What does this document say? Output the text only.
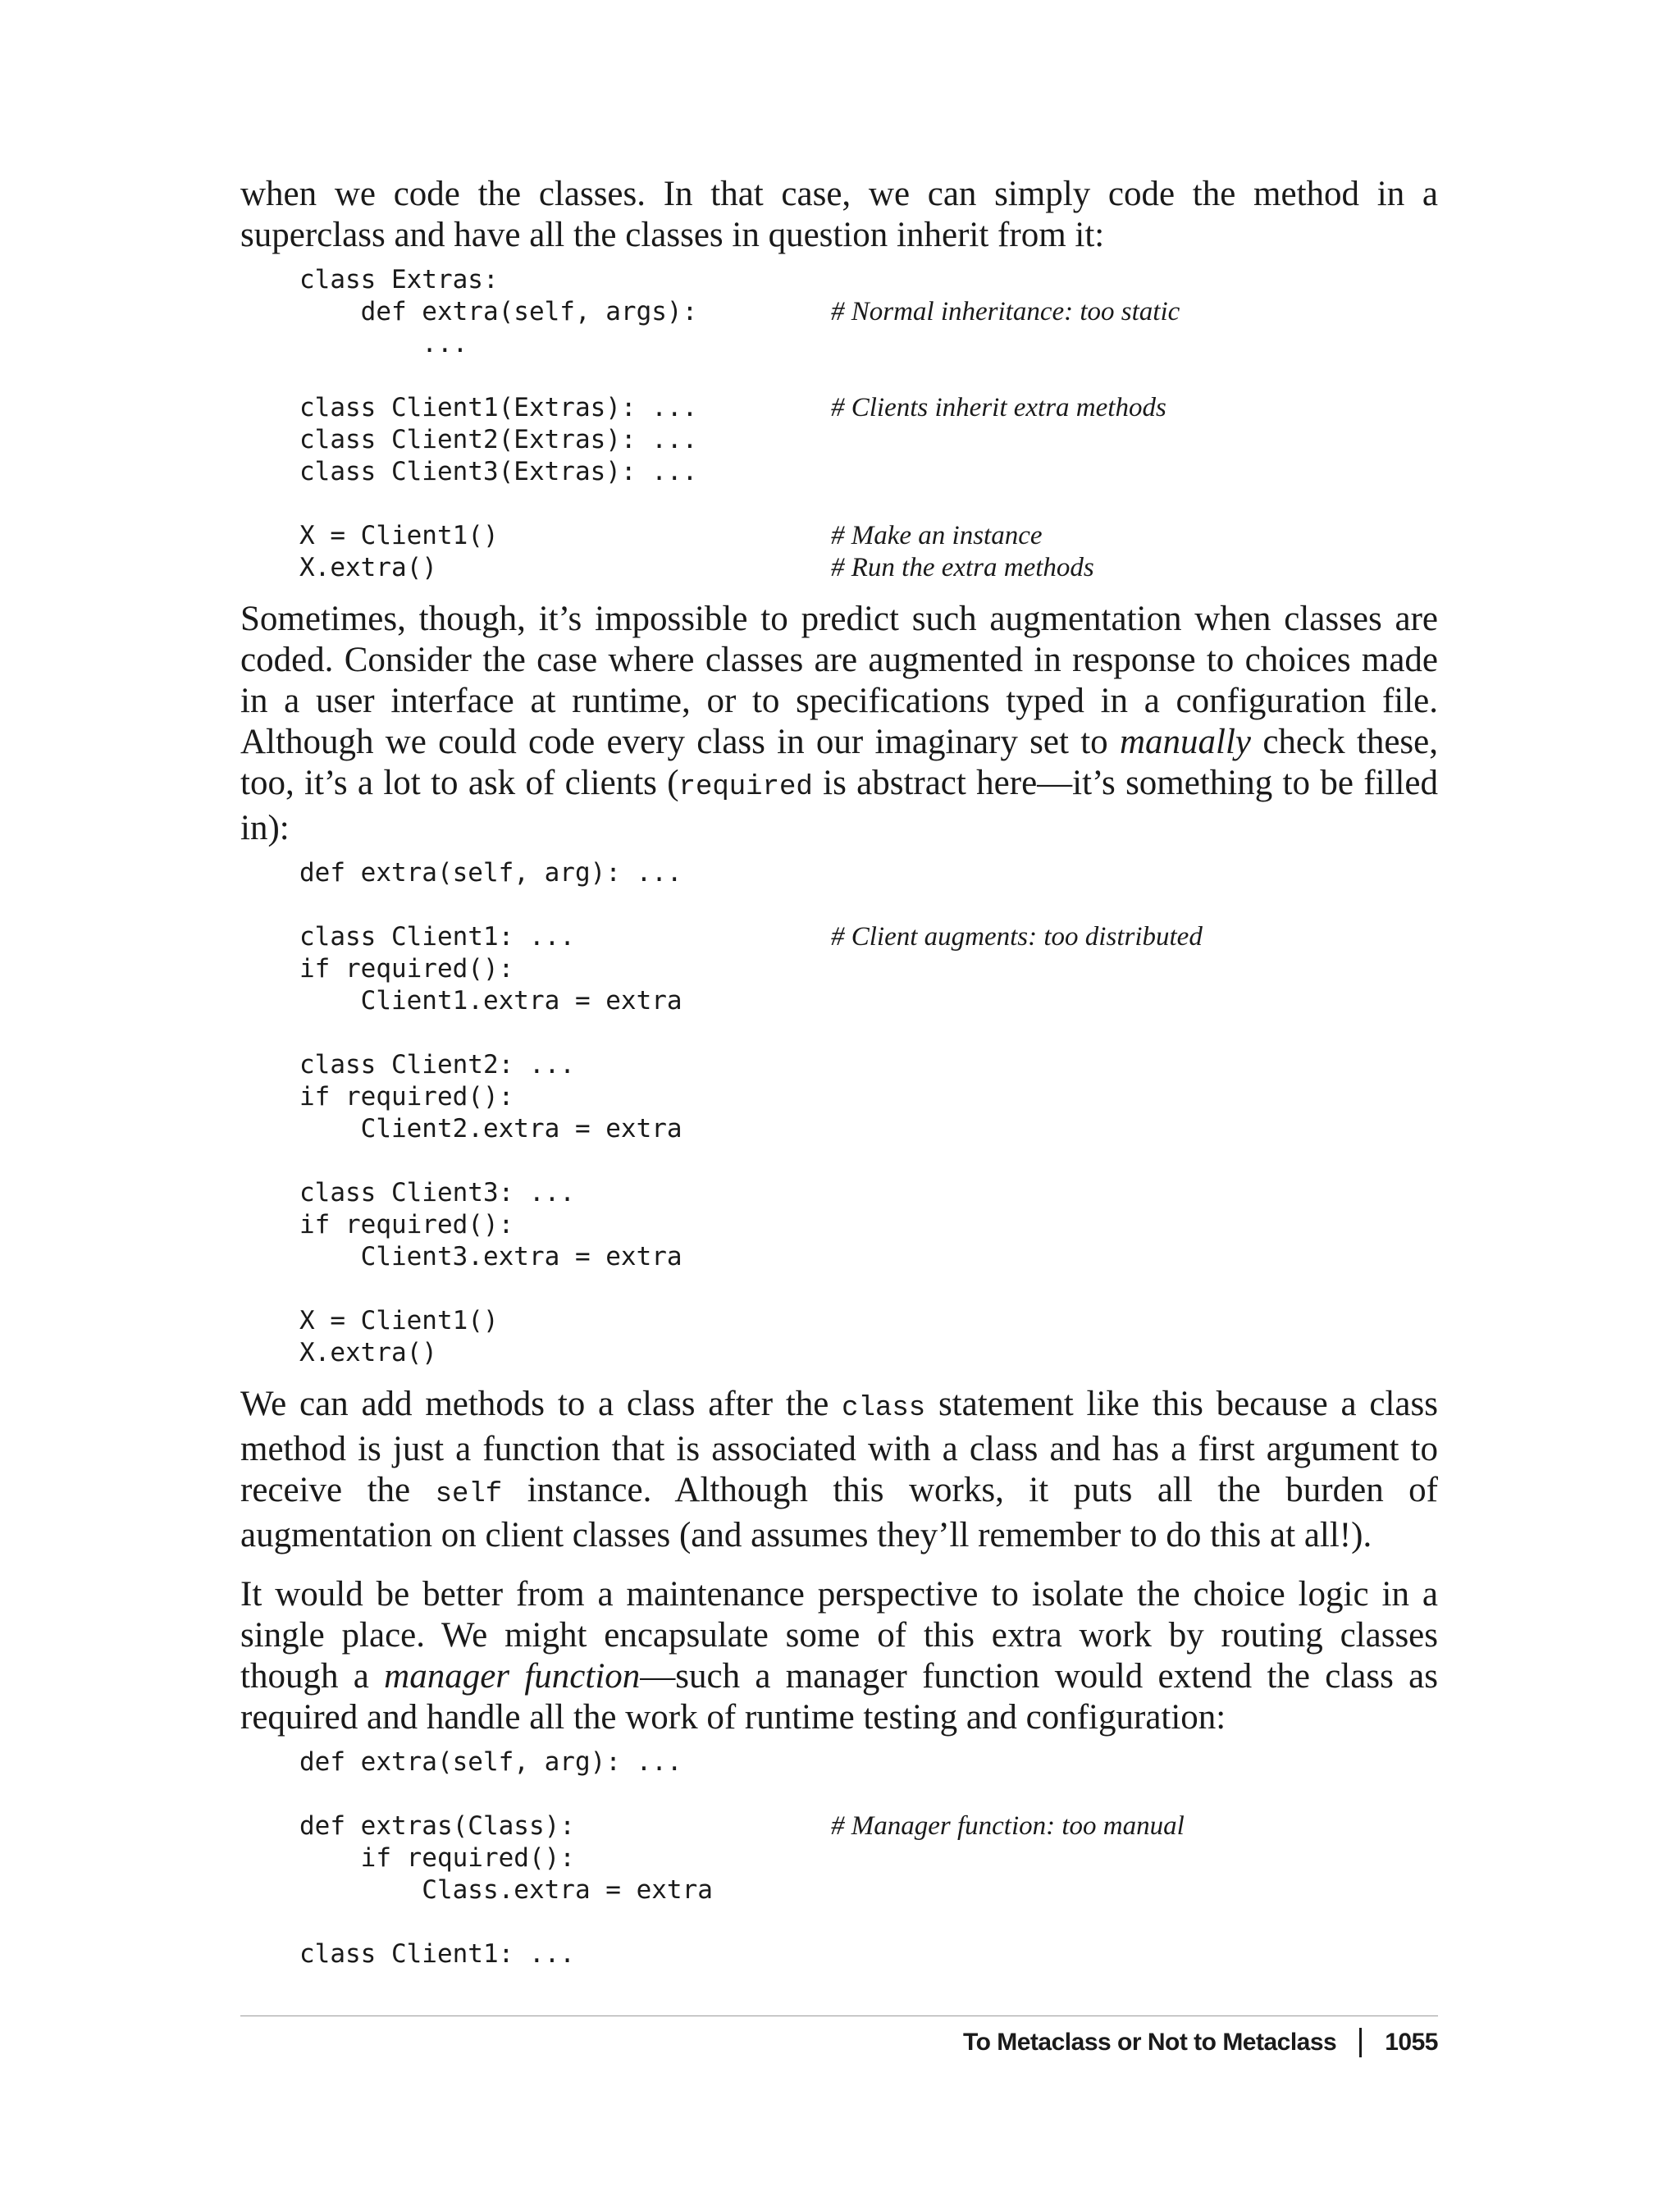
when we code the classes. In that case, we can simply code the method in a superclass and have all the classes in question inherit from it:

class Extras:
def extra(self, args):	# Normal inheritance: too static
...
class Client1(Extras): ...	# Clients inherit extra methods
class Client2(Extras): ...
class Client3(Extras): ...
X = Client1()	# Make an instance
X.extra()	# Run the extra methods

Sometimes, though, it’s impossible to predict such augmentation when classes are coded. Consider the case where classes are augmented in response to choices made in a user interface at runtime, or to specifications typed in a configuration file. Although we could code every class in our imaginary set to manually check these, too, it’s a lot to ask of clients (required is abstract here—it’s something to be filled in):

def extra(self, arg): ...
class Client1: ...	# Client augments: too distributed
if required():
Client1.extra = extra
class Client2: ...
if required():
Client2.extra = extra
class Client3: ...
if required():
Client3.extra = extra
X = Client1()
X.extra()

We can add methods to a class after the class statement like this because a class method is just a function that is associated with a class and has a first argument to receive the self instance. Although this works, it puts all the burden of augmentation on client classes (and assumes they’ll remember to do this at all!).

It would be better from a maintenance perspective to isolate the choice logic in a single place. We might encapsulate some of this extra work by routing classes though a manager function—such a manager function would extend the class as required and handle all the work of runtime testing and configuration:

def extra(self, arg): ...
def extras(Class):	# Manager function: too manual
if required():
Class.extra = extra
class Client1: ...
To Metaclass or Not to Metaclass 1055
